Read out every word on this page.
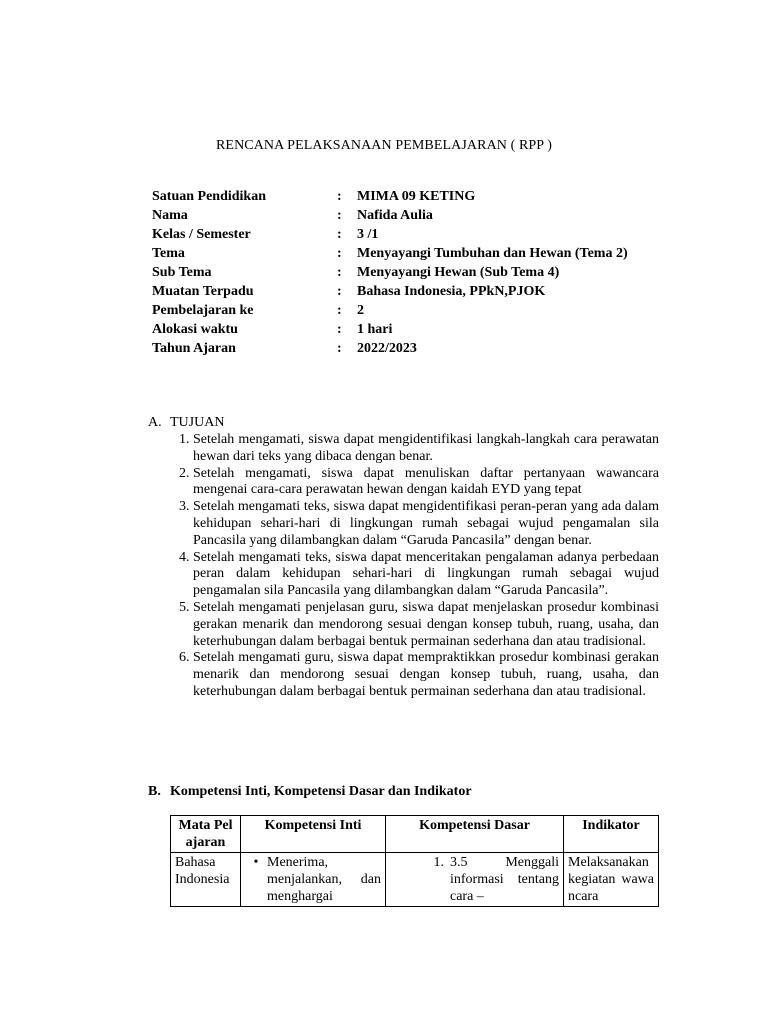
RENCANA PELAKSANAAN PEMBELAJARAN ( RPP )
Satuan Pendidikan	:	MIMA 09 KETING
Nama	:	Nafida Aulia
Kelas / Semester	:	3 /1
Tema	:	Menyayangi Tumbuhan dan Hewan (Tema 2)
Sub Tema	:	Menyayangi Hewan (Sub Tema 4)
Muatan Terpadu	:	Bahasa Indonesia, PPkN,PJOK
Pembelajaran ke	:	2
Alokasi waktu	:	1 hari
Tahun Ajaran	:	2022/2023
A. TUJUAN
1. Setelah mengamati, siswa dapat mengidentifikasi langkah-langkah cara perawatan hewan dari teks yang dibaca dengan benar.
2. Setelah mengamati, siswa dapat menuliskan daftar pertanyaan wawancara mengenai cara-cara perawatan hewan dengan kaidah EYD yang tepat
3. Setelah mengamati teks, siswa dapat mengidentifikasi peran-peran yang ada dalam kehidupan sehari-hari di lingkungan rumah sebagai wujud pengamalan sila Pancasila yang dilambangkan dalam “Garuda Pancasila” dengan benar.
4. Setelah mengamati teks, siswa dapat menceritakan pengalaman adanya perbedaan peran dalam kehidupan sehari-hari di lingkungan rumah sebagai wujud pengamalan sila Pancasila yang dilambangkan dalam “Garuda Pancasila”.
5. Setelah mengamati penjelasan guru, siswa dapat menjelaskan prosedur kombinasi gerakan menarik dan mendorong sesuai dengan konsep tubuh, ruang, usaha, dan keterhubungan dalam berbagai bentuk permainan sederhana dan atau tradisional.
6. Setelah mengamati guru, siswa dapat mempraktikkan prosedur kombinasi gerakan menarik dan mendorong sesuai dengan konsep tubuh, ruang, usaha, dan keterhubungan dalam berbagai bentuk permainan sederhana dan atau tradisional.
B. Kompetensi Inti, Kompetensi Dasar dan Indikator
Mata Pelajaran	Kompetensi Inti	Kompetensi Dasar	Indikator
Bahasa Indonesia	• Menerima, menjalankan, dan menghargai	1. 3.5 Menggali informasi tentang cara –	Melaksanakan kegiatan wawancara
